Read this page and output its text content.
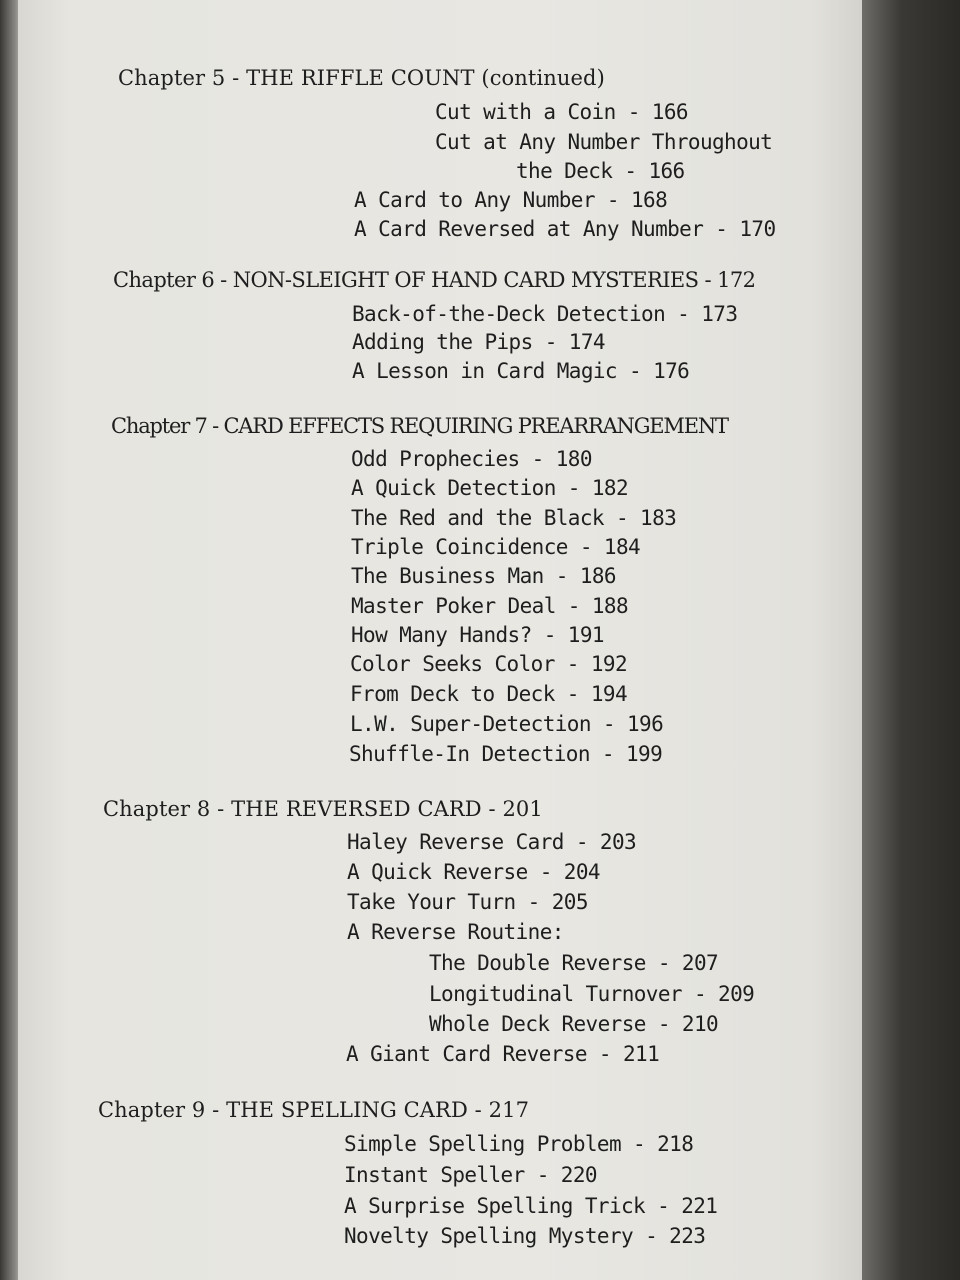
Chapter 5 - THE RIFFLE COUNT (continued)
Cut with a Coin - 166
Cut at Any Number Throughout
the Deck - 166
A Card to Any Number - 168
A Card Reversed at Any Number - 170
Chapter 6 - NON-SLEIGHT OF HAND CARD MYSTERIES - 172
Back-of-the-Deck Detection - 173
Adding the Pips - 174
A Lesson in Card Magic - 176
Chapter 7 - CARD EFFECTS REQUIRING PREARRANGEMENT
Odd Prophecies - 180
A Quick Detection - 182
The Red and the Black - 183
Triple Coincidence - 184
The Business Man - 186
Master Poker Deal - 188
How Many Hands? - 191
Color Seeks Color - 192
From Deck to Deck - 194
L.W. Super-Detection - 196
Shuffle-In Detection - 199
Chapter 8 - THE REVERSED CARD - 201
Haley Reverse Card - 203
A Quick Reverse - 204
Take Your Turn - 205
A Reverse Routine:
The Double Reverse - 207
Longitudinal Turnover - 209
Whole Deck Reverse - 210
A Giant Card Reverse - 211
Chapter 9 - THE SPELLING CARD - 217
Simple Spelling Problem - 218
Instant Speller - 220
A Surprise Spelling Trick - 221
Novelty Spelling Mystery - 223
